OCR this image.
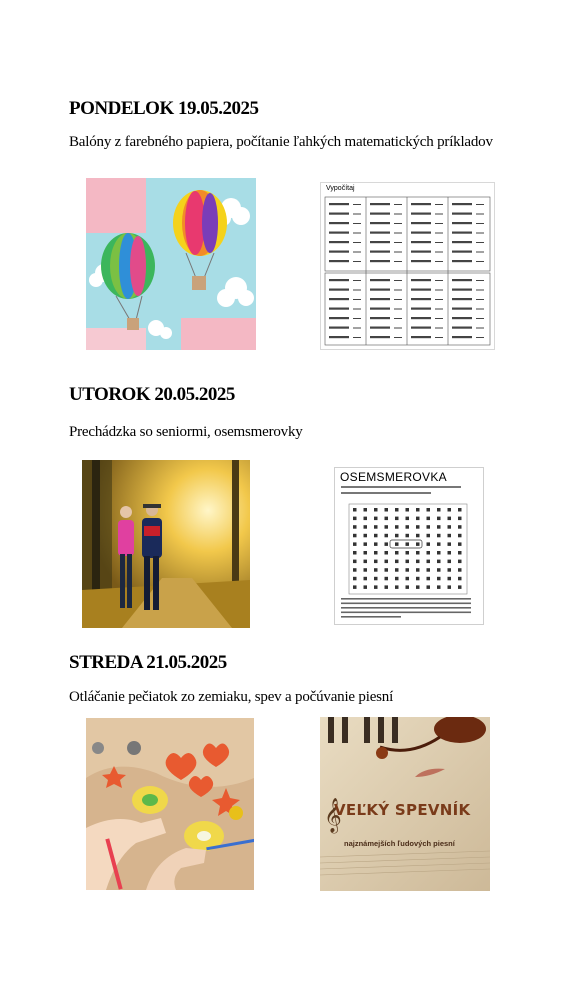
PONDELOK 19.05.2025
Balóny z farebného papiera, počítanie ľahkých matematických príkladov
Vypočítaj
UTOROK 20.05.2025
Prechádzka so seniormi, osemsmerovky
OSEMSMEROVKA
STREDA 21.05.2025
Otláčanie pečiatok zo zemiaku, spev a počúvanie piesní
𝄞
VEĽKÝ SPEVNÍK
najznámejších ľudových piesní
